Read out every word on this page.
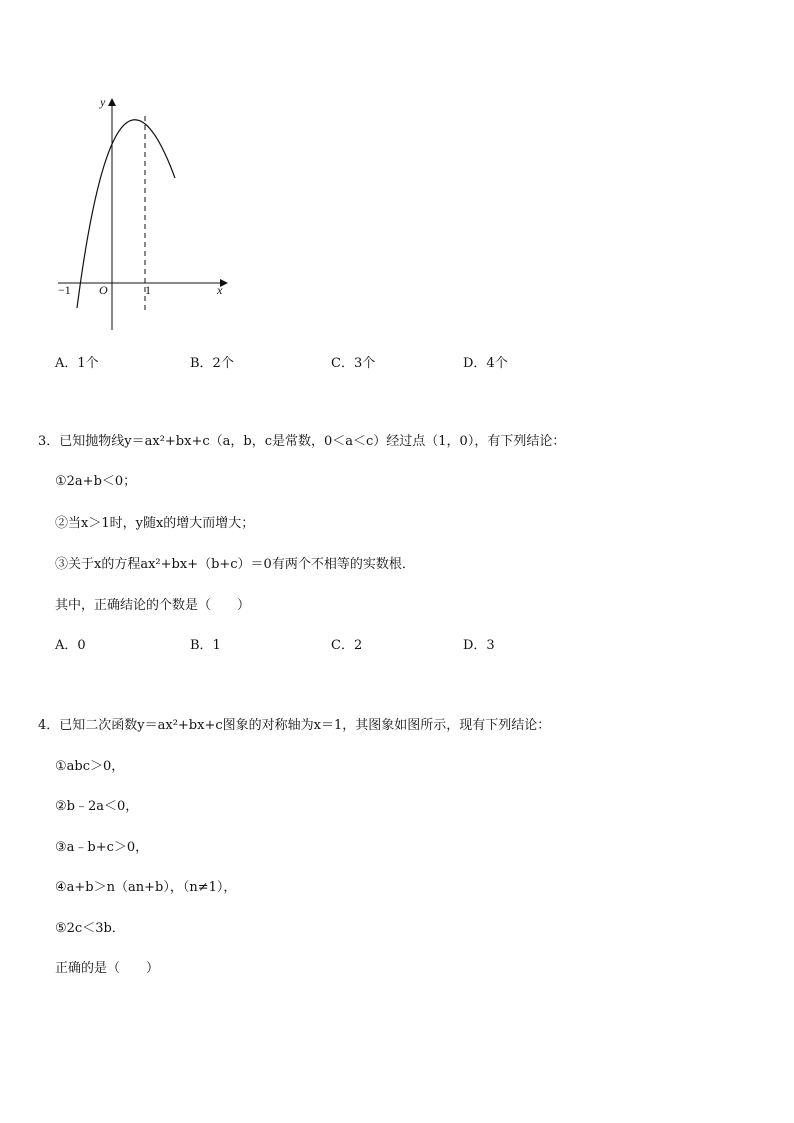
y
x
O
−1	1
A．1个	B．2个	C．3个	D．4个
3．已知抛物线y＝ax²+bx+c（a，b，c是常数，0＜a＜c）经过点（1，0），有下列结论：
①2a+b＜0；
②当x＞1时，y随x的增大而增大；
③关于x的方程ax²+bx+（b+c）＝0有两个不相等的实数根．
其中，正确结论的个数是（　　）
A．0	B．1	C．2	D．3
4．已知二次函数y＝ax²+bx+c图象的对称轴为x＝1，其图象如图所示，现有下列结论：
①abc＞0，
②b﹣2a＜0，
③a﹣b+c＞0，
④a+b＞n（an+b），（n≠1），
⑤2c＜3b．
正确的是（　　）
